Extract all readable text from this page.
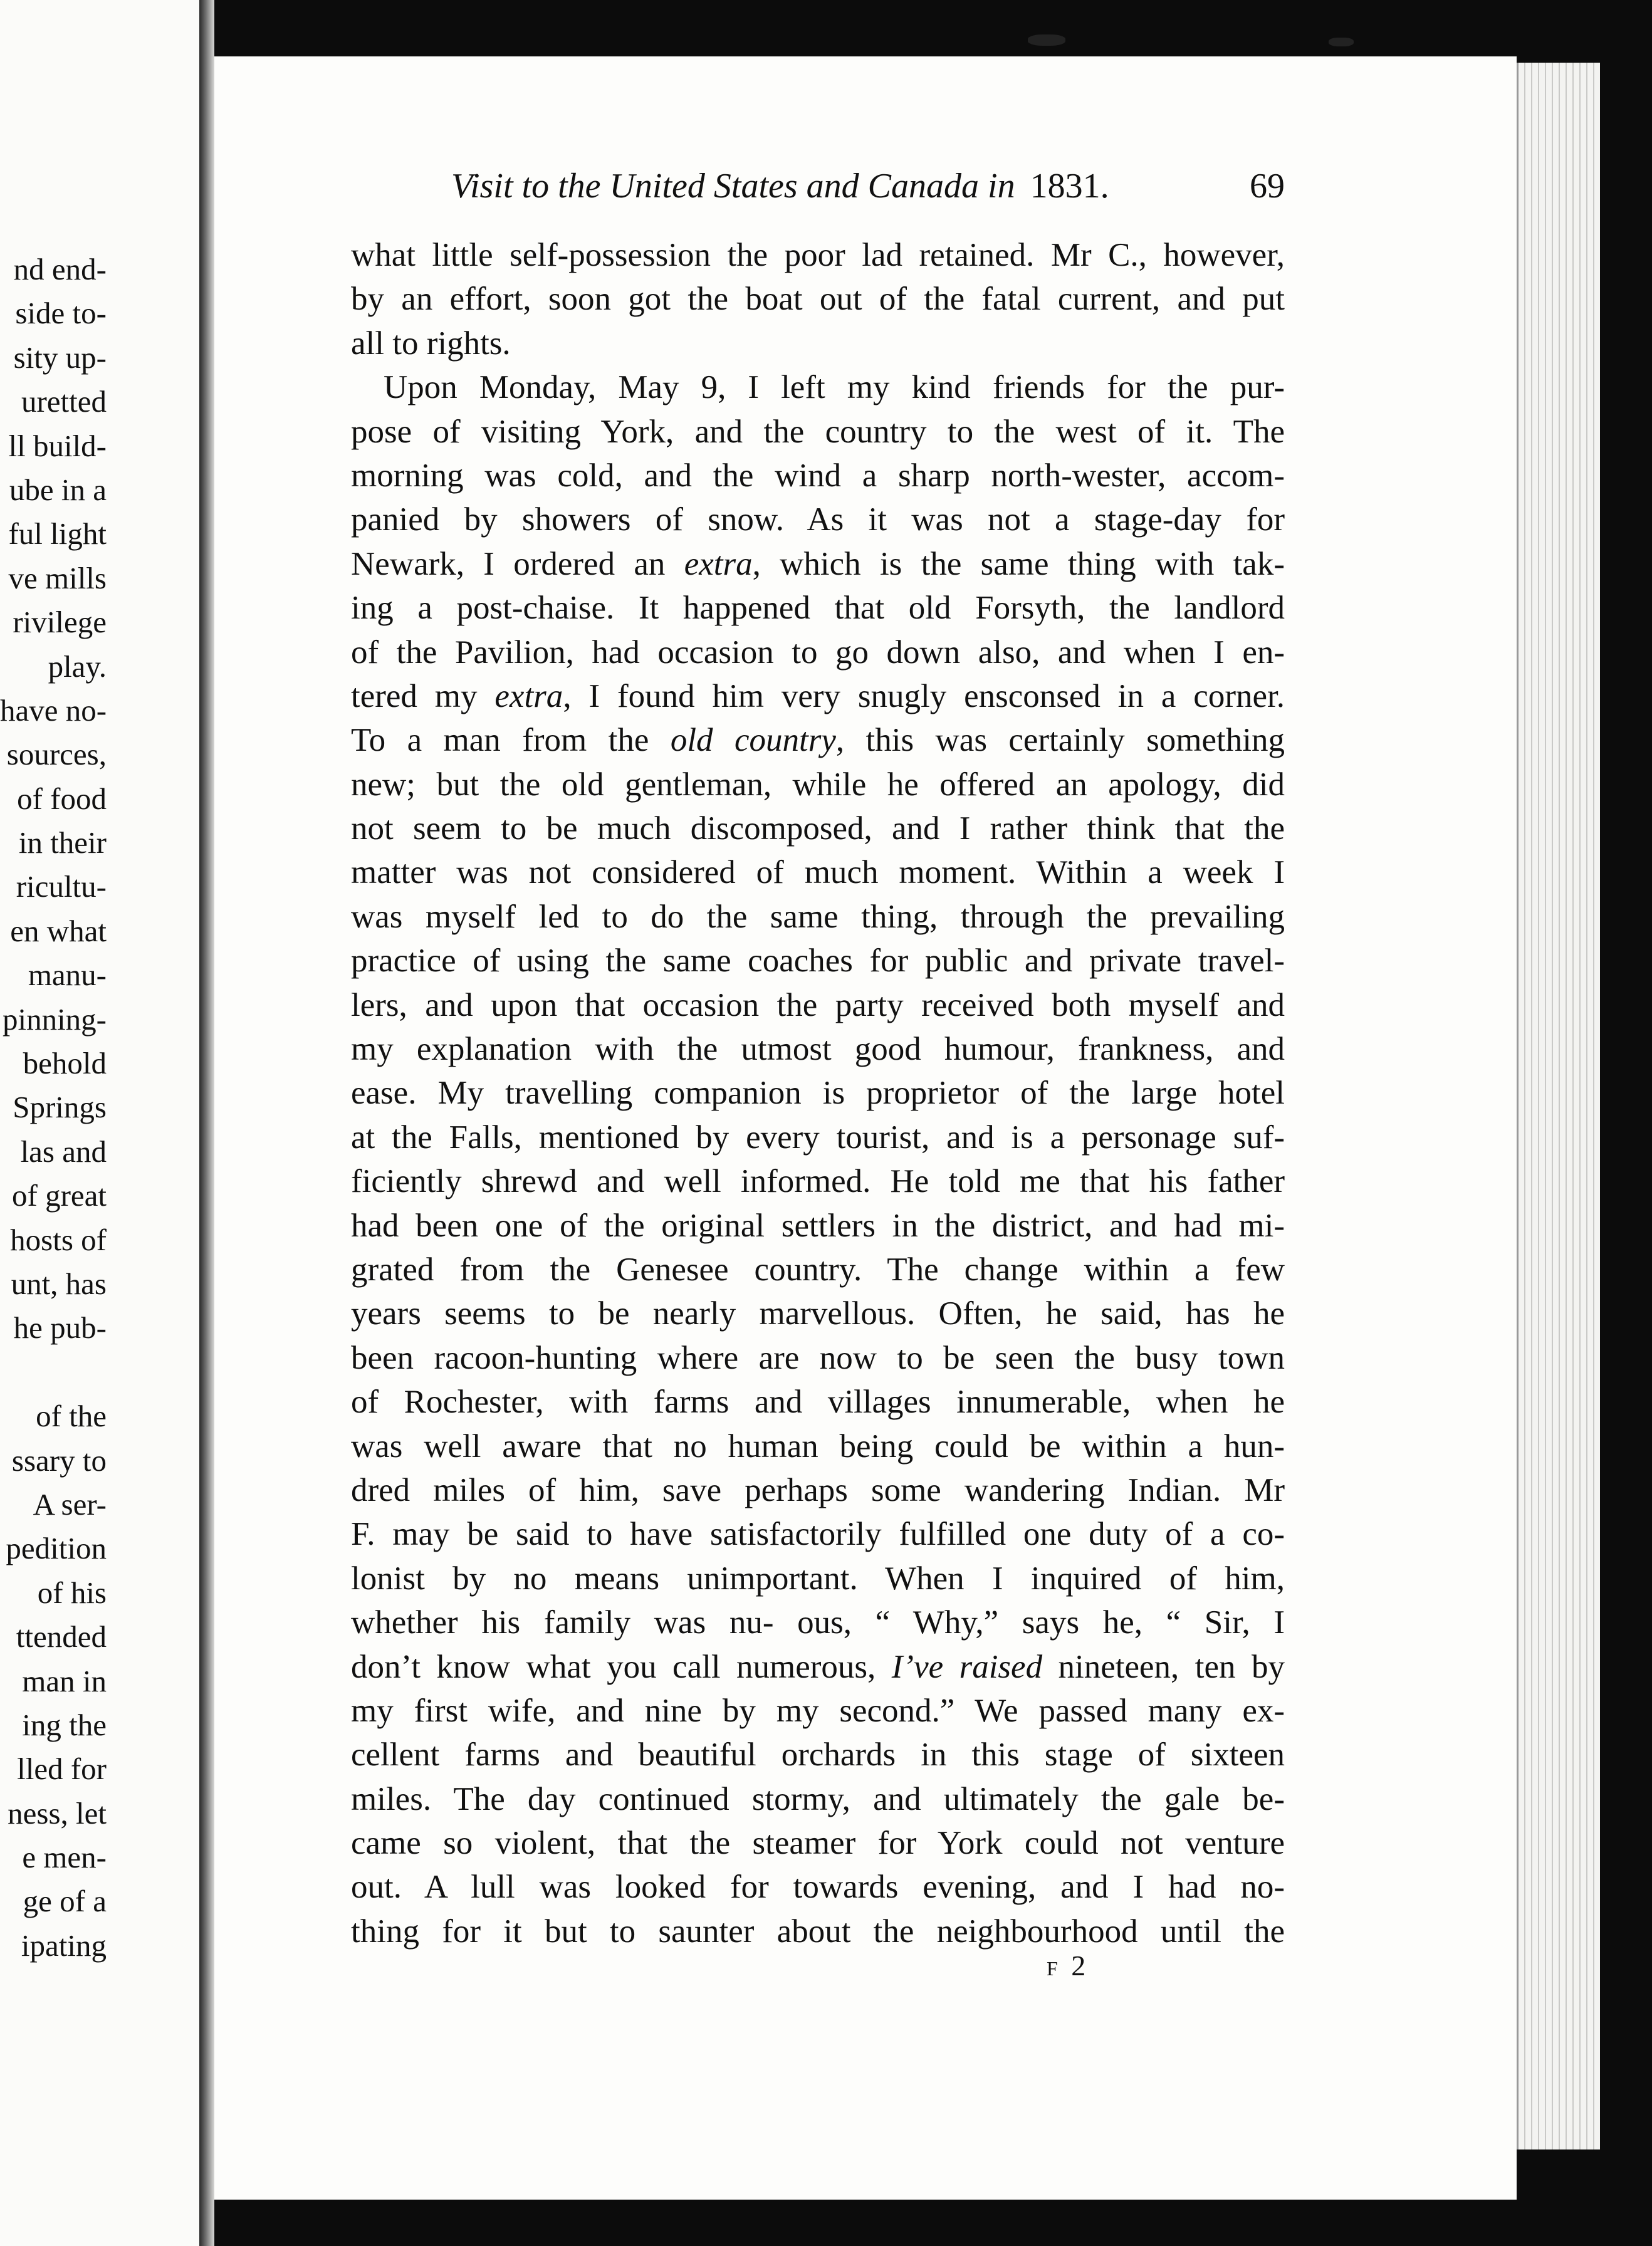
nd end-
side to-
sity up-
uretted
ll build-
ube in a
ful light
ve mills
rivilege
play.
have no-
sources,
of food
in their
ricultu-
en what
manu-
pinning-
behold
Springs
las and
of great
hosts of
unt, has
he pub-
of the
ssary to
A ser-
pedition
of his
ttended
man in
ing the
lled for
ness, let
e men-
ge of a
ipating
Visit to the United States and Canada in 1831.	69
what little self-possession the poor lad retained. Mr C., however,
by an effort, soon got the boat out of the fatal current, and put
all to rights.
Upon Monday, May 9, I left my kind friends for the pur-
pose of visiting York, and the country to the west of it. The
morning was cold, and the wind a sharp north-wester, accom-
panied by showers of snow. As it was not a stage-day for
Newark, I ordered an extra, which is the same thing with tak-
ing a post-chaise. It happened that old Forsyth, the landlord
of the Pavilion, had occasion to go down also, and when I en-
tered my extra, I found him very snugly ensconsed in a corner.
To a man from the old country, this was certainly something
new; but the old gentleman, while he offered an apology, did
not seem to be much discomposed, and I rather think that the
matter was not considered of much moment. Within a week I
was myself led to do the same thing, through the prevailing
practice of using the same coaches for public and private travel-
lers, and upon that occasion the party received both myself and
my explanation with the utmost good humour, frankness, and
ease. My travelling companion is proprietor of the large hotel
at the Falls, mentioned by every tourist, and is a personage suf-
ficiently shrewd and well informed. He told me that his father
had been one of the original settlers in the district, and had mi-
grated from the Genesee country. The change within a few
years seems to be nearly marvellous. Often, he said, has he
been racoon-hunting where are now to be seen the busy town
of Rochester, with farms and villages innumerable, when he
was well aware that no human being could be within a hun-
dred miles of him, save perhaps some wandering Indian. Mr
F. may be said to have satisfactorily fulfilled one duty of a co-
lonist by no means unimportant. When I inquired of him,
whether his family was nu- ous, “ Why,” says he, “ Sir, I
don’t know what you call numerous, I’ve raised nineteen, ten by
my first wife, and nine by my second.” We passed many ex-
cellent farms and beautiful orchards in this stage of sixteen
miles. The day continued stormy, and ultimately the gale be-
came so violent, that the steamer for York could not venture
out. A lull was looked for towards evening, and I had no-
thing for it but to saunter about the neighbourhood until the
F 2
